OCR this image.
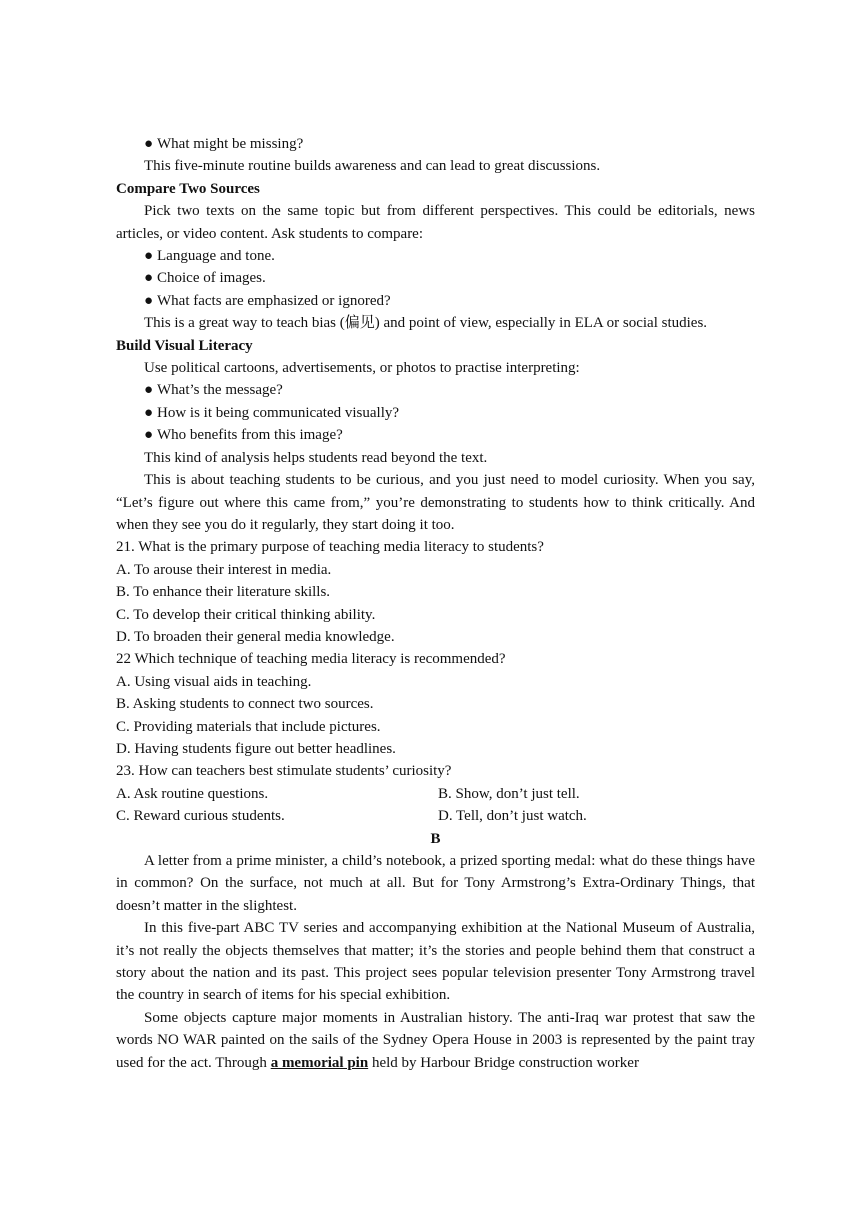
● What might be missing?

This five-minute routine builds awareness and can lead to great discussions.

Compare Two Sources

Pick two texts on the same topic but from different perspectives. This could be editorials, news articles, or video content. Ask students to compare:

● Language and tone.
● Choice of images.
● What facts are emphasized or ignored?

This is a great way to teach bias (偏见) and point of view, especially in ELA or social studies.

Build Visual Literacy

Use political cartoons, advertisements, or photos to practise interpreting:

● What’s the message?
● How is it being communicated visually?
● Who benefits from this image?

This kind of analysis helps students read beyond the text.

This is about teaching students to be curious, and you just need to model curiosity. When you say, “Let’s figure out where this came from,” you’re demonstrating to students how to think critically. And when they see you do it regularly, they start doing it too.

21. What is the primary purpose of teaching media literacy to students?
A. To arouse their interest in media.
B. To enhance their literature skills.
C. To develop their critical thinking ability.
D. To broaden their general media knowledge.
22 Which technique of teaching media literacy is recommended?
A. Using visual aids in teaching.
B. Asking students to connect two sources.
C. Providing materials that include pictures.
D. Having students figure out better headlines.
23. How can teachers best stimulate students’ curiosity?
A. Ask routine questions.	B. Show, don’t just tell.
C. Reward curious students.	D. Tell, don’t just watch.
B

A letter from a prime minister, a child’s notebook, a prized sporting medal: what do these things have in common? On the surface, not much at all. But for Tony Armstrong’s Extra-Ordinary Things, that doesn’t matter in the slightest.

In this five-part ABC TV series and accompanying exhibition at the National Museum of Australia, it’s not really the objects themselves that matter; it’s the stories and people behind them that construct a story about the nation and its past. This project sees popular television presenter Tony Armstrong travel the country in search of items for his special exhibition.

Some objects capture major moments in Australian history. The anti-Iraq war protest that saw the words NO WAR painted on the sails of the Sydney Opera House in 2003 is represented by the paint tray used for the act. Through a memorial pin held by Harbour Bridge construction worker
